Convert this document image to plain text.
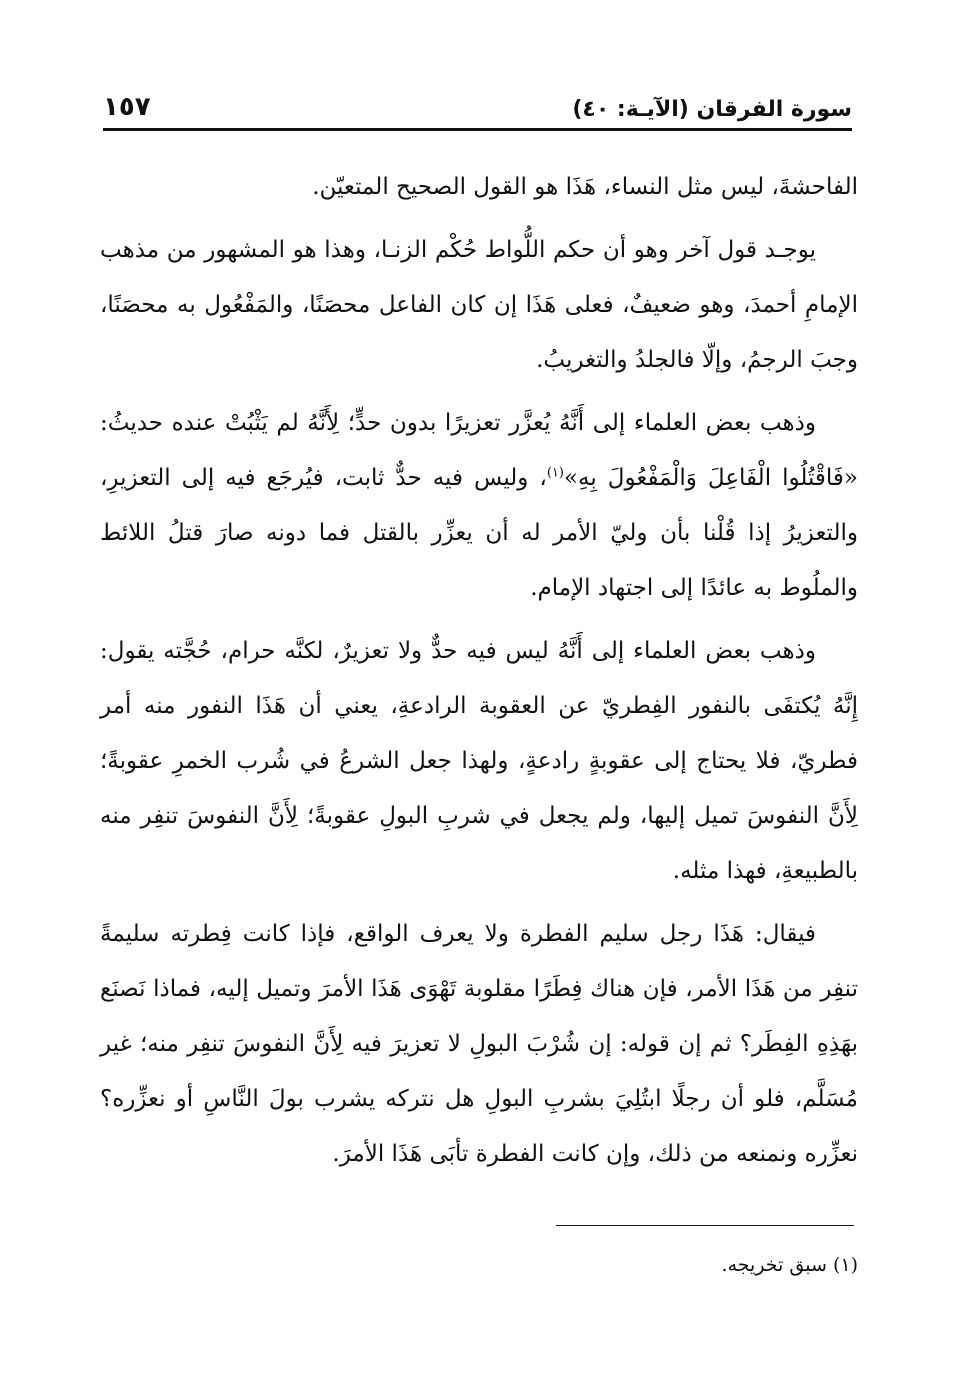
١٥٧	سورة الفرقان (الآيـة: ٤٠)

الفاحشةَ، ليس مثل النساء، هَذَا هو القول الصحيح المتعيّن.

يوجـد قول آخر وهو أن حكم اللُّواط حُكْم الزنـا، وهذا هو المشهور من مذهب الإمامِ أحمدَ، وهو ضعيفٌ، فعلى هَذَا إن كان الفاعل محصَنًا، والمَفْعُول به محصَنًا، وجبَ الرجمُ، وإلّا فالجلدُ والتغريبُ.

وذهب بعض العلماء إلى أَنَّهُ يُعزَّر تعزيرًا بدون حدٍّ؛ لِأَنَّهُ لم يَثْبُتْ عنده حديثُ: «فَاقْتُلُوا الْفَاعِلَ وَالْمَفْعُولَ بِهِ»$^{(١)}$، وليس فيه حدٌّ ثابت، فيُرجَع فيه إلى التعزيرِ، والتعزيرُ إذا قُلْنا بأن وليّ الأمر له أن يعزِّر بالقتل فما دونه صارَ قتلُ اللائط والملُوط به عائدًا إلى اجتهاد الإمام.

وذهب بعض العلماء إلى أَنَّهُ ليس فيه حدٌّ ولا تعزيرٌ، لكنَّه حرام، حُجَّته يقول: إِنَّهُ يُكتفَى بالنفور الفِطريّ عن العقوبة الرادعةِ، يعني أن هَذَا النفور منه أمر فطريّ، فلا يحتاج إلى عقوبةٍ رادعةٍ، ولهذا جعل الشرعُ في شُرب الخمرِ عقوبةً؛ لِأَنَّ النفوسَ تميل إليها، ولم يجعل في شربِ البولِ عقوبةً؛ لِأَنَّ النفوسَ تنفِر منه بالطبيعةِ، فهذا مثله.

فيقال: هَذَا رجل سليم الفطرة ولا يعرف الواقع، فإذا كانت فِطرته سليمةً تنفِر من هَذَا الأمر، فإن هناك فِطَرًا مقلوبة تَهْوَى هَذَا الأمرَ وتميل إليه، فماذا نَصنَع بهَذِهِ الفِطَر؟ ثم إن قوله: إن شُرْبَ البولِ لا تعزيرَ فيه لِأَنَّ النفوسَ تنفِر منه؛ غير مُسَلَّم، فلو أن رجلًا ابتُلِيَ بشربِ البولِ هل نتركه يشرب بولَ النَّاسِ أو نعزِّره؟ نعزِّره ونمنعه من ذلك، وإن كانت الفطرة تأبَى هَذَا الأمرَ.

(١) سبق تخريجه.
